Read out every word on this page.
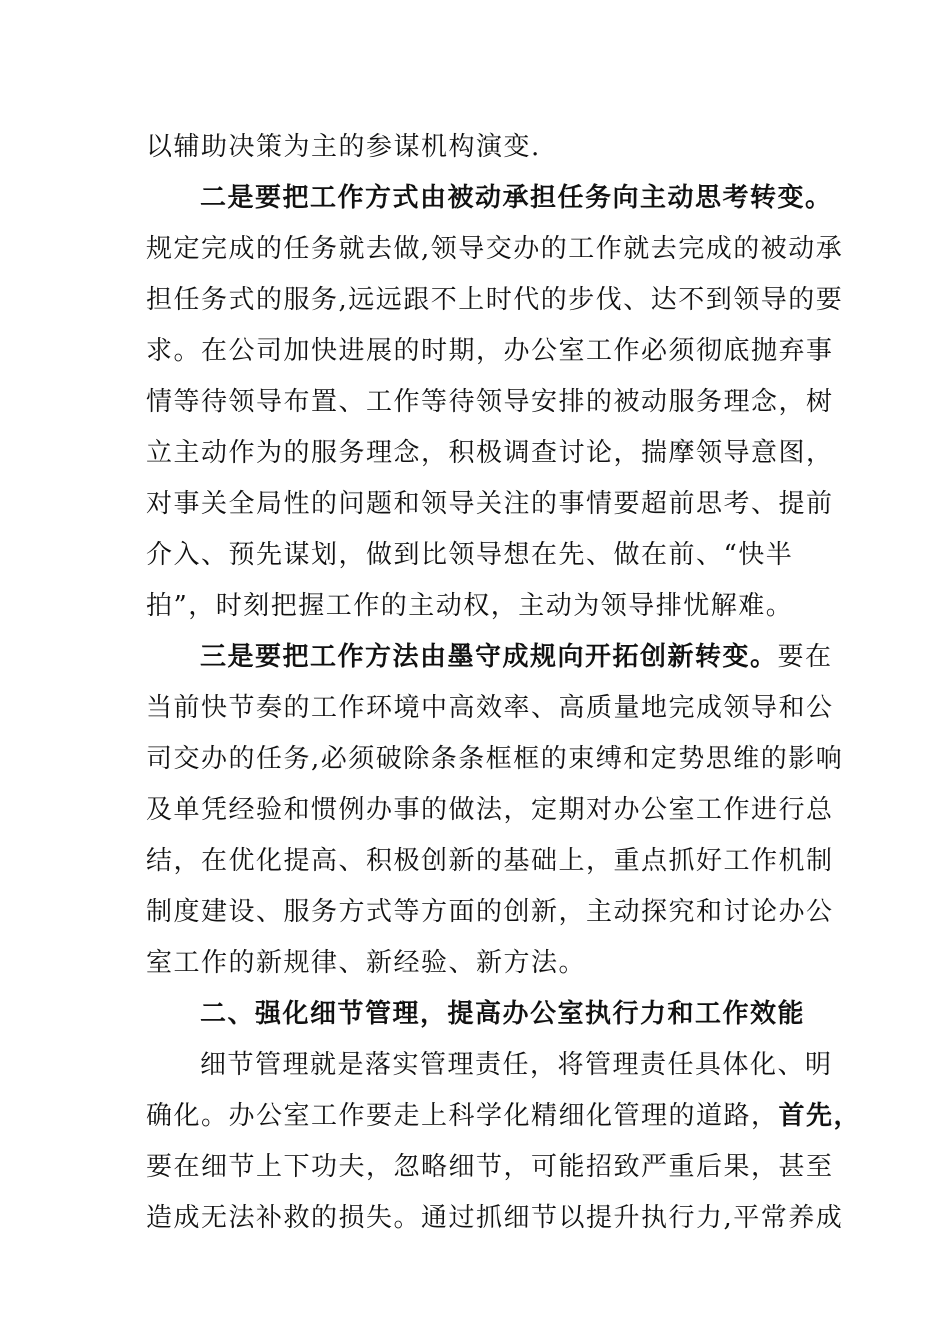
以辅助决策为主的参谋机构演变.
二是要把工作方式由被动承担任务向主动思考转变。
规定完成的任务就去做,领导交办的工作就去完成的被动承
担任务式的服务,远远跟不上时代的步伐、达不到领导的要
求。在公司加快进展的时期，办公室工作必须彻底抛弃事
情等待领导布置、工作等待领导安排的被动服务理念，树
立主动作为的服务理念，积极调查讨论，揣摩领导意图，
对事关全局性的问题和领导关注的事情要超前思考、提前
介入、预先谋划，做到比领导想在先、做在前、“快半
拍”，时刻把握工作的主动权，主动为领导排忧解难。
三是要把工作方法由墨守成规向开拓创新转变。要在
当前快节奏的工作环境中高效率、高质量地完成领导和公
司交办的任务,必须破除条条框框的束缚和定势思维的影响
及单凭经验和惯例办事的做法，定期对办公室工作进行总
结，在优化提高、积极创新的基础上，重点抓好工作机制
制度建设、服务方式等方面的创新，主动探究和讨论办公
室工作的新规律、新经验、新方法。
二、强化细节管理，提高办公室执行力和工作效能
细节管理就是落实管理责任，将管理责任具体化、明
确化。办公室工作要走上科学化精细化管理的道路，首先，
要在细节上下功夫，忽略细节，可能招致严重后果，甚至
造成无法补救的损失。通过抓细节以提升执行力,平常养成
